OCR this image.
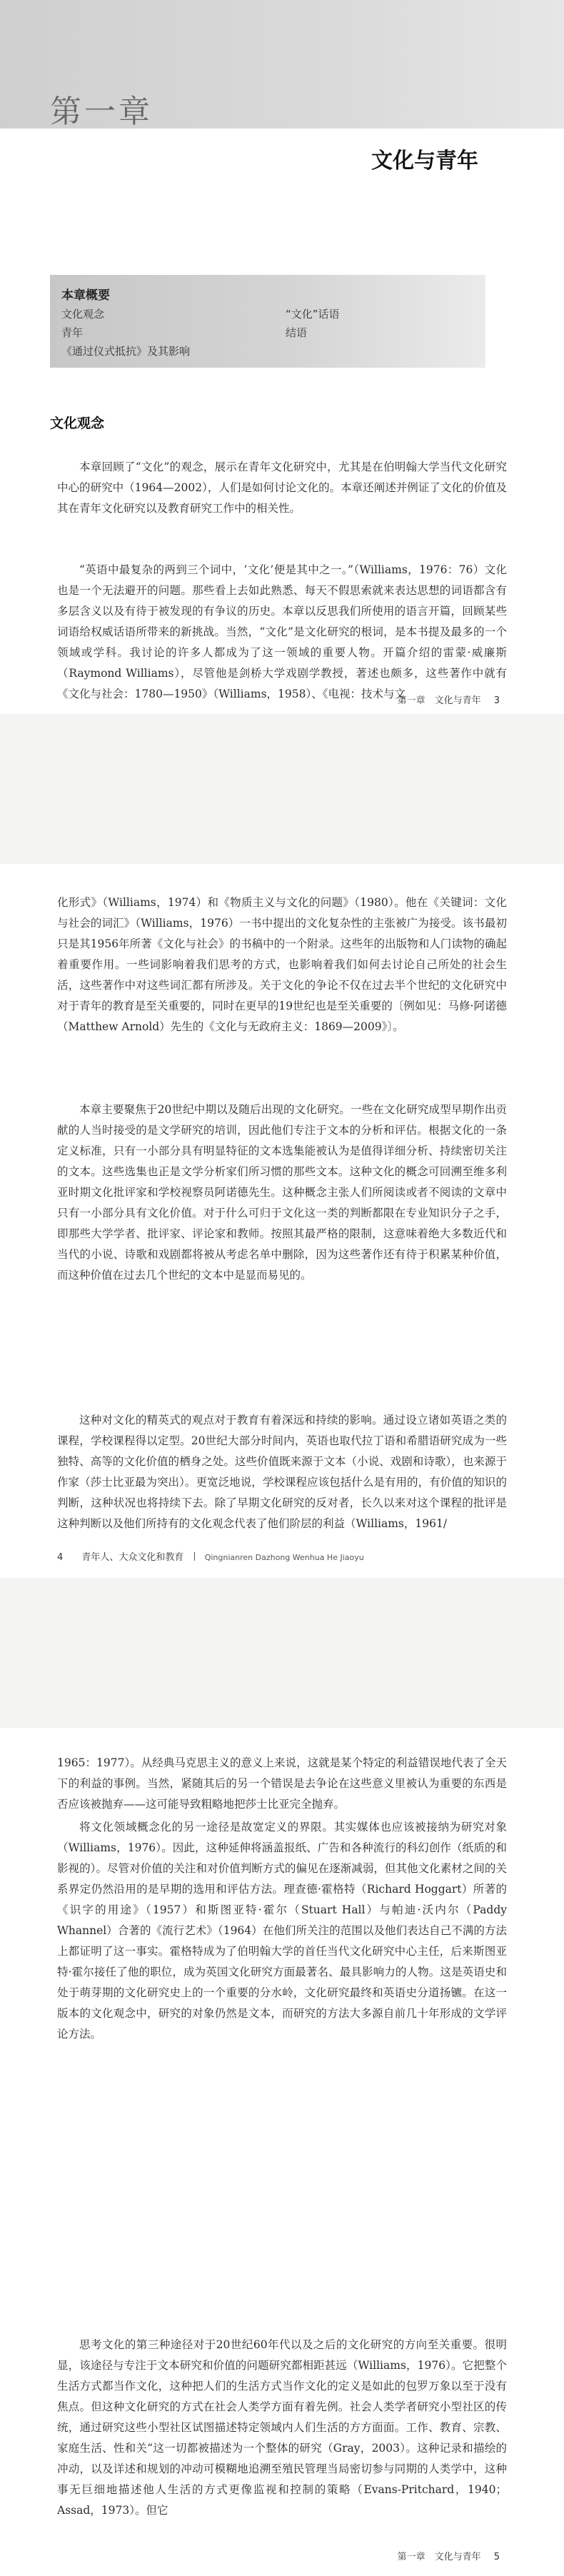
第一章
文化与青年
本章概要
文化观念	“文化”话语
青年	结语
《通过仪式抵抗》及其影响
文化观念

本章回顾了“文化”的观念，展示在青年文化研究中，尤其是在伯明翰大学当代文化研究中心的研究中（1964—2002），人们是如何讨论文化的。本章还阐述并例证了文化的价值及其在青年文化研究以及教育研究工作中的相关性。

“英语中最复杂的两到三个词中，‘文化’便是其中之一。”（Williams，1976：76）文化也是一个无法避开的问题。那些看上去如此熟悉、每天不假思索就来表达思想的词语都含有多层含义以及有待于被发现的有争议的历史。本章以反思我们所使用的语言开篇，回顾某些词语给权威话语所带来的新挑战。当然，“文化”是文化研究的根词，是本书提及最多的一个领域或学科。我讨论的许多人都成为了这一领域的重要人物。开篇介绍的雷蒙·威廉斯（Raymond Williams），尽管他是剑桥大学戏剧学教授，著述也颇多，这些著作中就有《文化与社会：1780—1950》（Williams，1958）、《电视：技术与文

第一章　文化与青年 3

化形式》（Williams，1974）和《物质主义与文化的问题》（1980）。他在《关键词：文化与社会的词汇》（Williams，1976）一书中提出的文化复杂性的主张被广为接受。该书最初只是其1956年所著《文化与社会》的书稿中的一个附录。这些年的出版物和人门读物的确起着重要作用。一些词影响着我们思考的方式，也影响着我们如何去讨论自己所处的社会生活，这些著作中对这些词汇都有所涉及。关于文化的争论不仅在过去半个世纪的文化研究中对于青年的教育是至关重要的，同时在更早的19世纪也是至关重要的〔例如见：马修·阿诺德（Matthew Arnold）先生的《文化与无政府主义：1869—2009》〕。

本章主要聚焦于20世纪中期以及随后出现的文化研究。一些在文化研究成型早期作出贡献的人当时接受的是文学研究的培训，因此他们专注于文本的分析和评估。根据文化的一条定义标准，只有一小部分具有明显特征的文本选集能被认为是值得详细分析、持续密切关注的文本。这些选集也正是文学分析家们所习惯的那些文本。这种文化的概念可回溯至维多利亚时期文化批评家和学校视察员阿诺德先生。这种概念主张人们所阅读或者不阅读的文章中只有一小部分具有文化价值。对于什么可归于文化这一类的判断都限在专业知识分子之手，即那些大学学者、批评家、评论家和教师。按照其最严格的限制，这意味着绝大多数近代和当代的小说、诗歌和戏剧都将被从考虑名单中删除，因为这些著作还有待于积累某种价值，而这种价值在过去几个世纪的文本中是显而易见的。

这种对文化的精英式的观点对于教育有着深远和持续的影响。通过设立诸如英语之类的课程，学校课程得以定型。20世纪大部分时间内，英语也取代拉丁语和希腊语研究成为一些独特、高等的文化价值的栖身之处。这些价值既来源于文本（小说、戏剧和诗歌），也来源于作家（莎士比亚最为突出）。更宽泛地说，学校课程应该包括什么是有用的，有价值的知识的判断，这种状况也将持续下去。除了早期文化研究的反对者，长久以来对这个课程的批评是这种判断以及他们所持有的文化观念代表了他们阶层的利益（Williams，1961/

4 青年人、大众文化和教育	Qingnianren Dazhong Wenhua He Jiaoyu

1965：1977）。从经典马克思主义的意义上来说，这就是某个特定的利益错误地代表了全天下的利益的事例。当然，紧随其后的另一个错误是去争论在这些意义里被认为重要的东西是否应该被抛弃——这可能导致粗略地把莎士比亚完全抛弃。

将文化领域概念化的另一途径是故宽定义的界限。其实媒体也应该被接纳为研究对象（Williams，1976）。因此，这种延伸将涵盖报纸、广告和各种流行的科幻创作（纸质的和影视的）。尽管对价值的关注和对价值判断方式的偏见在逐渐减弱，但其他文化素材之间的关系界定仍然沿用的是早期的选用和评估方法。理查德·霍格特（Richard Hoggart）所著的《识字的用途》（1957）和斯图亚特·霍尔（Stuart Hall）与帕迪·沃内尔（Paddy Whannel）合著的《流行艺术》（1964）在他们所关注的范围以及他们表达自己不满的方法上都证明了这一事实。霍格特成为了伯明翰大学的首任当代文化研究中心主任，后来斯图亚特·霍尔接任了他的职位，成为英国文化研究方面最著名、最具影响力的人物。这是英语史和处于萌芽期的文化研究史上的一个重要的分水岭，文化研究最终和英语史分道扬镳。在这一版本的文化观念中，研究的对象仍然是文本，而研究的方法大多源自前几十年形成的文学评论方法。

思考文化的第三种途径对于20世纪60年代以及之后的文化研究的方向至关重要。很明显，该途径与专注于文本研究和价值的问题研究都相距甚远（Williams，1976）。它把整个生活方式都当作文化，这种把人们的生活方式当作文化的定义是如此的包罗万象以至于没有焦点。但这种文化研究的方式在社会人类学方面有着先例。社会人类学者研究小型社区的传统，通过研究这些小型社区试图描述特定领域内人们生活的方方面面。工作、教育、宗教、家庭生活、性和关“这一切都被描述为一个整体的研究（Gray，2003）。这种记录和描绘的冲动，以及详述和规划的冲动可模糊地追溯至殖民管理当局密切参与同期的人类学中，这种事无巨细地描述他人生活的方式更像监视和控制的策略（Evans-Pritchard，1940；Assad，1973）。但它

第一章　文化与青年 5
